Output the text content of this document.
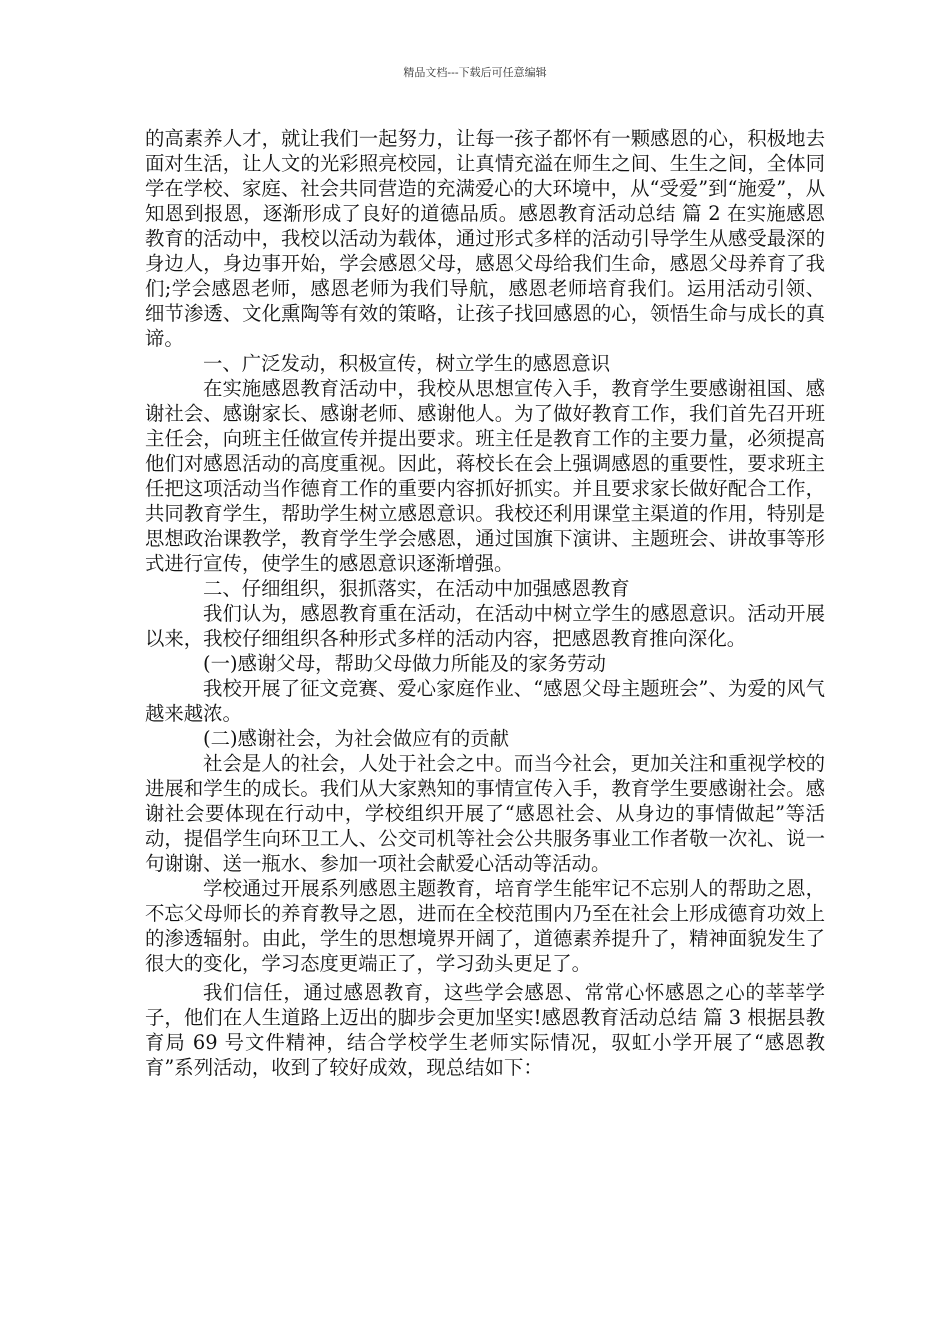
精品文档---下载后可任意编辑

的高素养人才，就让我们一起努力，让每一孩子都怀有一颗感恩的心，积极地去面对生活，让人文的光彩照亮校园，让真情充溢在师生之间、生生之间，全体同学在学校、家庭、社会共同营造的充满爱心的大环境中，从“受爱”到“施爱”，从知恩到报恩，逐渐形成了良好的道德品质。感恩教育活动总结 篇 2 在实施感恩教育的活动中，我校以活动为载体，通过形式多样的活动引导学生从感受最深的身边人，身边事开始，学会感恩父母，感恩父母给我们生命，感恩父母养育了我们;学会感恩老师，感恩老师为我们导航，感恩老师培育我们。运用活动引领、细节渗透、文化熏陶等有效的策略，让孩子找回感恩的心，领悟生命与成长的真谛。

一、广泛发动，积极宣传，树立学生的感恩意识

在实施感恩教育活动中，我校从思想宣传入手，教育学生要感谢祖国、感谢社会、感谢家长、感谢老师、感谢他人。为了做好教育工作，我们首先召开班主任会，向班主任做宣传并提出要求。班主任是教育工作的主要力量，必须提高他们对感恩活动的高度重视。因此，蒋校长在会上强调感恩的重要性，要求班主任把这项活动当作德育工作的重要内容抓好抓实。并且要求家长做好配合工作，共同教育学生，帮助学生树立感恩意识。我校还利用课堂主渠道的作用，特别是思想政治课教学，教育学生学会感恩，通过国旗下演讲、主题班会、讲故事等形式进行宣传，使学生的感恩意识逐渐增强。

二、仔细组织，狠抓落实，在活动中加强感恩教育

我们认为，感恩教育重在活动，在活动中树立学生的感恩意识。活动开展以来，我校仔细组织各种形式多样的活动内容，把感恩教育推向深化。

(一)感谢父母，帮助父母做力所能及的家务劳动

我校开展了征文竞赛、爱心家庭作业、“感恩父母主题班会”、为爱的风气越来越浓。

(二)感谢社会，为社会做应有的贡献

社会是人的社会，人处于社会之中。而当今社会，更加关注和重视学校的进展和学生的成长。我们从大家熟知的事情宣传入手，教育学生要感谢社会。感谢社会要体现在行动中，学校组织开展了“感恩社会、从身边的事情做起”等活动，提倡学生向环卫工人、公交司机等社会公共服务事业工作者敬一次礼、说一句谢谢、送一瓶水、参加一项社会献爱心活动等活动。

学校通过开展系列感恩主题教育，培育学生能牢记不忘别人的帮助之恩，不忘父母师长的养育教导之恩，进而在全校范围内乃至在社会上形成德育功效上的渗透辐射。由此，学生的思想境界开阔了，道德素养提升了，精神面貌发生了很大的变化，学习态度更端正了，学习劲头更足了。

我们信任，通过感恩教育，这些学会感恩、常常心怀感恩之心的莘莘学子，他们在人生道路上迈出的脚步会更加坚实!感恩教育活动总结 篇 3 根据县教育局 69 号文件精神，结合学校学生老师实际情况，驭虹小学开展了“感恩教育”系列活动，收到了较好成效，现总结如下：
